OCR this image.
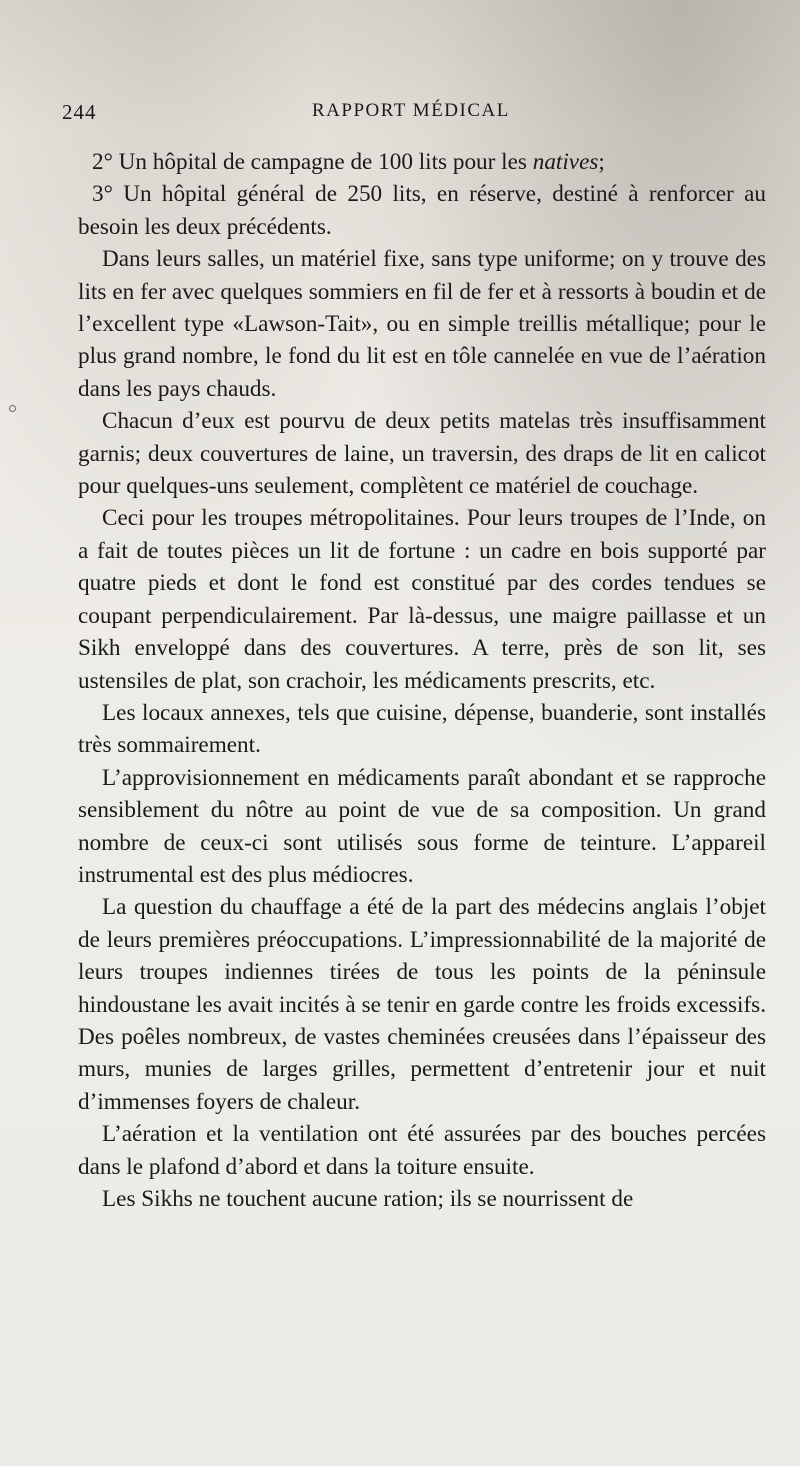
244	RAPPORT MÉDICAL

2° Un hôpital de campagne de 100 lits pour les natives;

3° Un hôpital général de 250 lits, en réserve, destiné à renforcer au besoin les deux précédents.

Dans leurs salles, un matériel fixe, sans type uniforme; on y trouve des lits en fer avec quelques sommiers en fil de fer et à ressorts à boudin et de l’excellent type «Lawson-Tait», ou en simple treillis métallique; pour le plus grand nombre, le fond du lit est en tôle cannelée en vue de l’aération dans les pays chauds.

Chacun d’eux est pourvu de deux petits matelas très insuffisamment garnis; deux couvertures de laine, un traversin, des draps de lit en calicot pour quelques-uns seulement, complètent ce matériel de couchage.

Ceci pour les troupes métropolitaines. Pour leurs troupes de l’Inde, on a fait de toutes pièces un lit de fortune : un cadre en bois supporté par quatre pieds et dont le fond est constitué par des cordes tendues se coupant perpendiculairement. Par là-dessus, une maigre paillasse et un Sikh enveloppé dans des couvertures. A terre, près de son lit, ses ustensiles de plat, son crachoir, les médicaments prescrits, etc.

Les locaux annexes, tels que cuisine, dépense, buanderie, sont installés très sommairement.

L’approvisionnement en médicaments paraît abondant et se rapproche sensiblement du nôtre au point de vue de sa composition. Un grand nombre de ceux-ci sont utilisés sous forme de teinture. L’appareil instrumental est des plus médiocres.

La question du chauffage a été de la part des médecins anglais l’objet de leurs premières préoccupations. L’impressionnabilité de la majorité de leurs troupes indiennes tirées de tous les points de la péninsule hindoustane les avait incités à se tenir en garde contre les froids excessifs. Des poêles nombreux, de vastes cheminées creusées dans l’épaisseur des murs, munies de larges grilles, permettent d’entretenir jour et nuit d’immenses foyers de chaleur.

L’aération et la ventilation ont été assurées par des bouches percées dans le plafond d’abord et dans la toiture ensuite.

Les Sikhs ne touchent aucune ration; ils se nourrissent de
